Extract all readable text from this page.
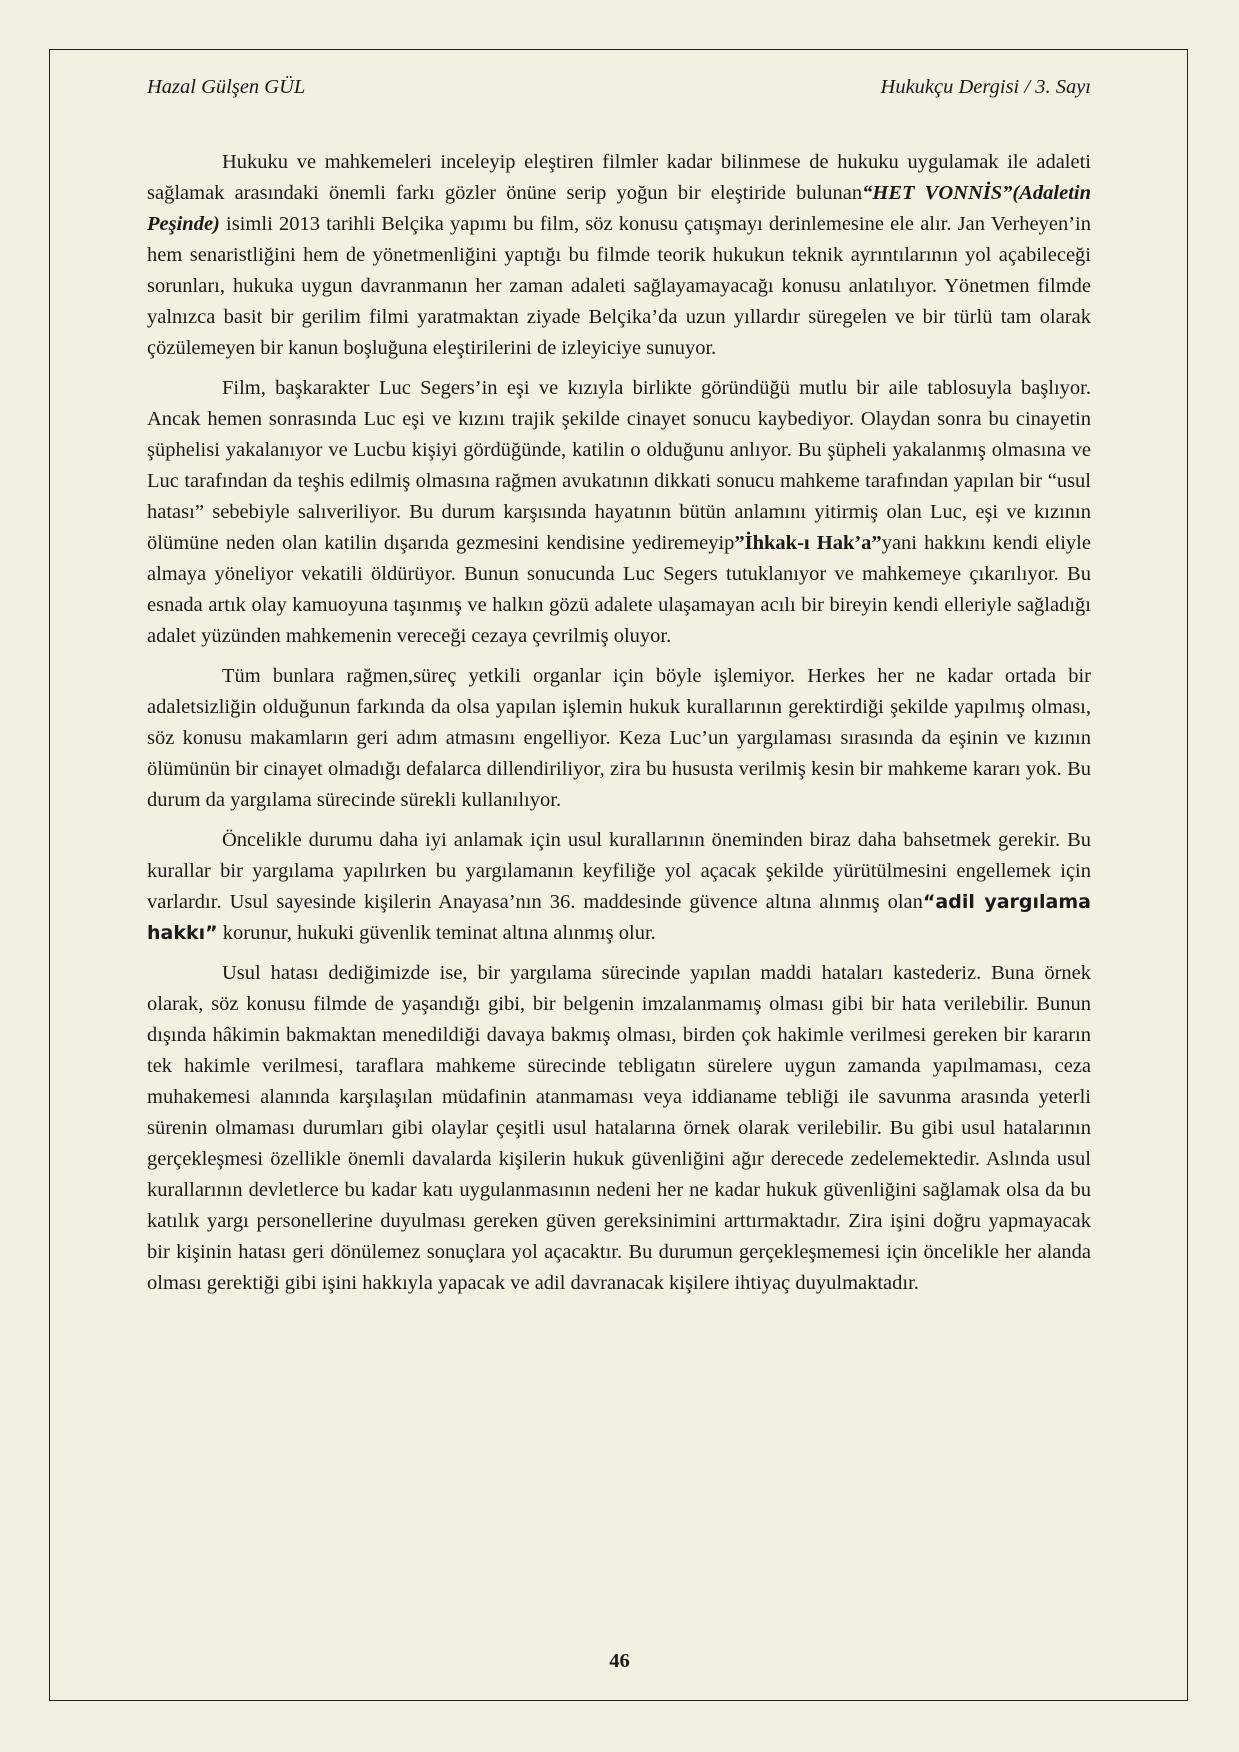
Hazal Gülşen GÜL	Hukukçu Dergisi / 3. Sayı

Hukuku ve mahkemeleri inceleyip eleştiren filmler kadar bilinmese de hukuku uygulamak ile adaleti sağlamak arasındaki önemli farkı gözler önüne serip yoğun bir eleştiride bulunan“HET VONNİS”(Adaletin Peşinde) isimli 2013 tarihli Belçika yapımı bu film, söz konusu çatışmayı derinlemesine ele alır. Jan Verheyen’in hem senaristliğini hem de yönetmenliğini yaptığı bu filmde teorik hukukun teknik ayrıntılarının yol açabileceği sorunları, hukuka uygun davranmanın her zaman adaleti sağlayamayacağı konusu anlatılıyor. Yönetmen filmde yalnızca basit bir gerilim filmi yaratmaktan ziyade Belçika’da uzun yıllardır süregelen ve bir türlü tam olarak çözülemeyen bir kanun boşluğuna eleştirilerini de izleyiciye sunuyor.

Film, başkarakter Luc Segers’in eşi ve kızıyla birlikte göründüğü mutlu bir aile tablosuyla başlıyor. Ancak hemen sonrasında Luc eşi ve kızını trajik şekilde cinayet sonucu kaybediyor. Olaydan sonra bu cinayetin şüphelisi yakalanıyor ve Lucbu kişiyi gördüğünde, katilin o olduğunu anlıyor. Bu şüpheli yakalanmış olmasına ve Luc tarafından da teşhis edilmiş olmasına rağmen avukatının dikkati sonucu mahkeme tarafından yapılan bir “usul hatası” sebebiyle salıveriliyor. Bu durum karşısında hayatının bütün anlamını yitirmiş olan Luc, eşi ve kızının ölümüne neden olan katilin dışarıda gezmesini kendisine yediremeyip”İhkak-ı Hak’a”yani hakkını kendi eliyle almaya yöneliyor vekatili öldürüyor. Bunun sonucunda Luc Segers tutuklanıyor ve mahkemeye çıkarılıyor. Bu esnada artık olay kamuoyuna taşınmış ve halkın gözü adalete ulaşamayan acılı bir bireyin kendi elleriyle sağladığı adalet yüzünden mahkemenin vereceği cezaya çevrilmiş oluyor.

Tüm bunlara rağmen,süreç yetkili organlar için böyle işlemiyor. Herkes her ne kadar ortada bir adaletsizliğin olduğunun farkında da olsa yapılan işlemin hukuk kurallarının gerektirdiği şekilde yapılmış olması, söz konusu makamların geri adım atmasını engelliyor. Keza Luc’un yargılaması sırasında da eşinin ve kızının ölümünün bir cinayet olmadığı defalarca dillendiriliyor, zira bu hususta verilmiş kesin bir mahkeme kararı yok. Bu durum da yargılama sürecinde sürekli kullanılıyor.

Öncelikle durumu daha iyi anlamak için usul kurallarının öneminden biraz daha bahsetmek gerekir. Bu kurallar bir yargılama yapılırken bu yargılamanın keyfiliğe yol açacak şekilde yürütülmesini engellemek için varlardır. Usul sayesinde kişilerin Anayasa’nın 36. maddesinde güvence altına alınmış olan“adil yargılama hakkı” korunur, hukuki güvenlik teminat altına alınmış olur.

Usul hatası dediğimizde ise, bir yargılama sürecinde yapılan maddi hataları kastederiz. Buna örnek olarak, söz konusu filmde de yaşandığı gibi, bir belgenin imzalanmamış olması gibi bir hata verilebilir. Bunun dışında hâkimin bakmaktan menedildiği davaya bakmış olması, birden çok hakimle verilmesi gereken bir kararın tek hakimle verilmesi, taraflara mahkeme sürecinde tebligatın sürelere uygun zamanda yapılmaması, ceza muhakemesi alanında karşılaşılan müdafinin atanmaması veya iddianame tebliği ile savunma arasında yeterli sürenin olmaması durumları gibi olaylar çeşitli usul hatalarına örnek olarak verilebilir. Bu gibi usul hatalarının gerçekleşmesi özellikle önemli davalarda kişilerin hukuk güvenliğini ağır derecede zedelemektedir. Aslında usul kurallarının devletlerce bu kadar katı uygulanmasının nedeni her ne kadar hukuk güvenliğini sağlamak olsa da bu katılık yargı personellerine duyulması gereken güven gereksinimini arttırmaktadır. Zira işini doğru yapmayacak bir kişinin hatası geri dönülemez sonuçlara yol açacaktır. Bu durumun gerçekleşmemesi için öncelikle her alanda olması gerektiği gibi işini hakkıyla yapacak ve adil davranacak kişilere ihtiyaç duyulmaktadır.

46
